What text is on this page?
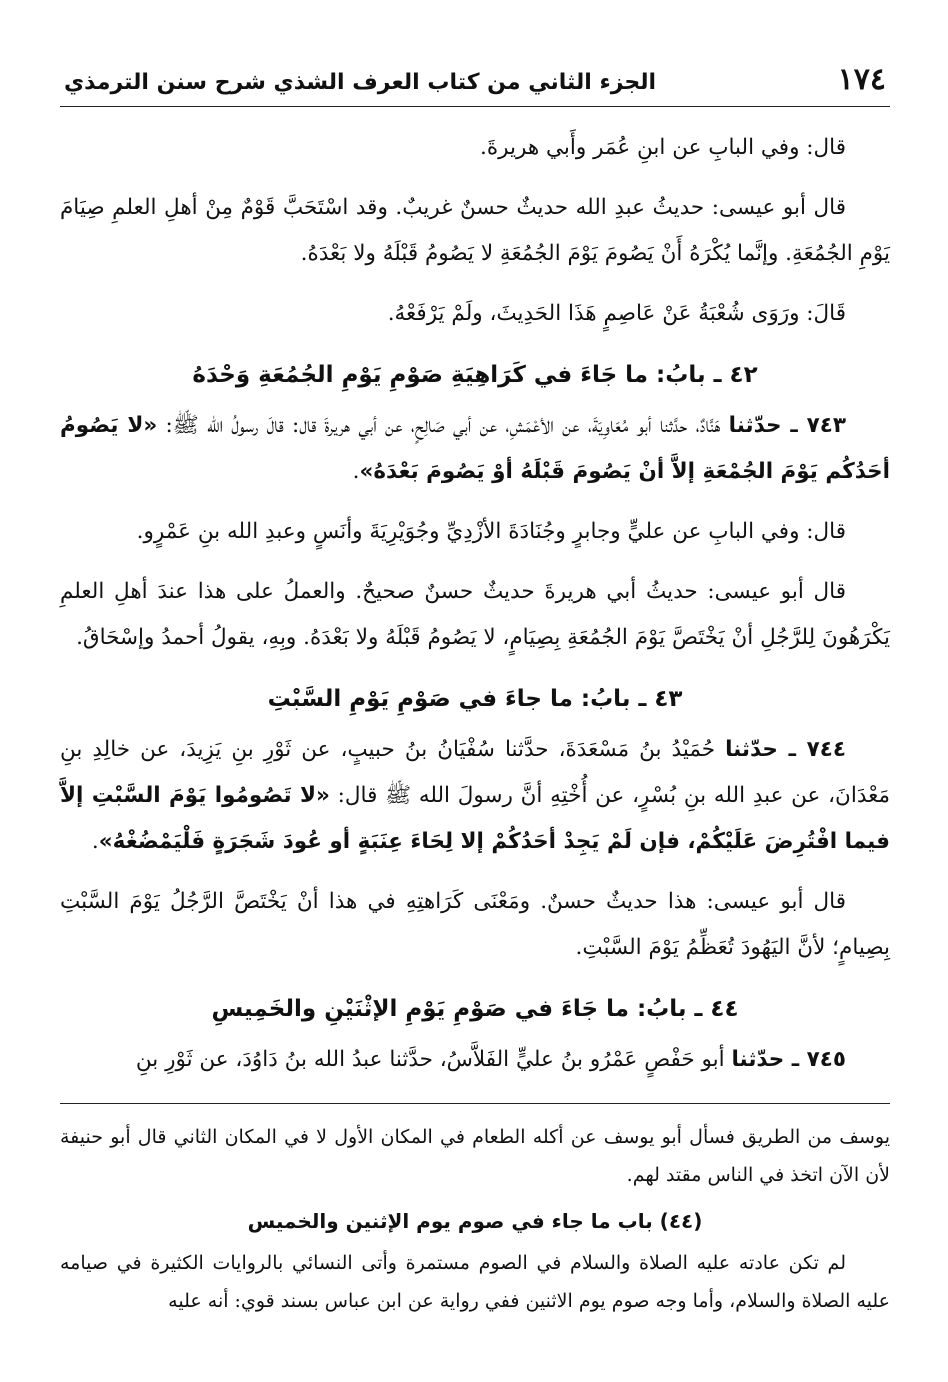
١٧٤
الجزء الثاني من كتاب العرف الشذي شرح سنن الترمذي

قال: وفي البابِ عن ابنِ عُمَر وأَبي هريرةَ.

قال أبو عيسى: حديثُ عبدِ الله حديثٌ حسنٌ غريبٌ. وقد اسْتَحَبَّ قَوْمٌ مِنْ أهلِ العلمِ صِيَامَ يَوْمِ الجُمُعَةِ. وإنَّما يُكْرَهُ أَنْ يَصُومَ يَوْمَ الجُمُعَةِ لا يَصُومُ قَبْلَهُ ولا بَعْدَهُ.

قَالَ: ورَوَى شُعْبَةُ عَنْ عَاصِمٍ هَذَا الحَدِيثَ، ولَمْ يَرْفَعْهُ.

٤٢ ـ بابُ: ما جَاءَ في كَرَاهِيَةِ صَوْمِ يَوْمِ الجُمُعَةِ وَحْدَهُ

٧٤٣ ـ حدّثنا هَنَّادٌ، حدَّثنا أبو مُعَاوِيَةَ، عن الأعْمَشِ، عن أبي صَالِحٍ، عن أبي هريرةَ قال: قالَ رسولُ الله ﷺ: «لا يَصُومُ أحَدُكُم يَوْمَ الجُمْعَةِ إلاَّ أنْ يَصُومَ قَبْلَهُ أوْ يَصُومَ بَعْدَهُ».

قال: وفي البابِ عن عليٍّ وجابرٍ وجُنَادَةَ الأزْدِيِّ وجُوَيْرِيَةَ وأنَسٍ وعبدِ الله بنِ عَمْرٍو.

قال أبو عيسى: حديثُ أبي هريرةَ حديثٌ حسنٌ صحيحٌ. والعملُ على هذا عندَ أهلِ العلمِ يَكْرَهُونَ لِلرَّجُلِ أنْ يَخْتَصَّ يَوْمَ الجُمُعَةِ بِصِيَامٍ، لا يَصُومُ قَبْلَهُ ولا بَعْدَهُ. وبِهِ، يقولُ أحمدُ وإسْحَاقُ.

٤٣ ـ بابُ: ما جاءَ في صَوْمِ يَوْمِ السَّبْتِ

٧٤٤ ـ حدّثنا حُمَيْدُ بنُ مَسْعَدَةَ، حدَّثنا سُفْيَانُ بنُ حبيبٍ، عن ثَوْرِ بنِ يَزِيدَ، عن خالِدِ بنِ مَعْدَانَ، عن عبدِ الله بنِ بُسْرٍ، عن أُخْتِهِ أنَّ رسولَ الله ﷺ قال: «لا تَصُومُوا يَوْمَ السَّبْتِ إلاَّ فيما افْتُرِضَ عَلَيْكُمْ، فإن لَمْ يَجِدْ أحَدُكُمْ إلا لِحَاءَ عِنَبَةٍ أو عُودَ شَجَرَةٍ فَلْيَمْضُغْهُ».

قال أبو عيسى: هذا حديثٌ حسنٌ. ومَعْنَى كَرَاهتِهِ في هذا أنْ يَخْتَصَّ الرَّجُلُ يَوْمَ السَّبْتِ بِصِيامٍ؛ لأنَّ اليَهُودَ تُعَظِّمُ يَوْمَ السَّبْتِ.

٤٤ ـ بابُ: ما جَاءَ في صَوْمِ يَوْمِ الإثْنَيْنِ والخَمِيسِ

٧٤٥ ـ حدّثنا أبو حَفْصٍ عَمْرُو بنُ عليٍّ الفَلاَّسُ، حدَّثنا عبدُ الله بنُ دَاوُدَ، عن ثَوْرِ بنِ

يوسف من الطريق فسأل أبو يوسف عن أكله الطعام في المكان الأول لا في المكان الثاني قال أبو حنيفة لأن الآن اتخذ في الناس مقتد لهم.

(٤٤) باب ما جاء في صوم يوم الإثنين والخميس

لم تكن عادته عليه الصلاة والسلام في الصوم مستمرة وأتى النسائي بالروايات الكثيرة في صيامه عليه الصلاة والسلام، وأما وجه صوم يوم الاثنين ففي رواية عن ابن عباس بسند قوي: أنه عليه
